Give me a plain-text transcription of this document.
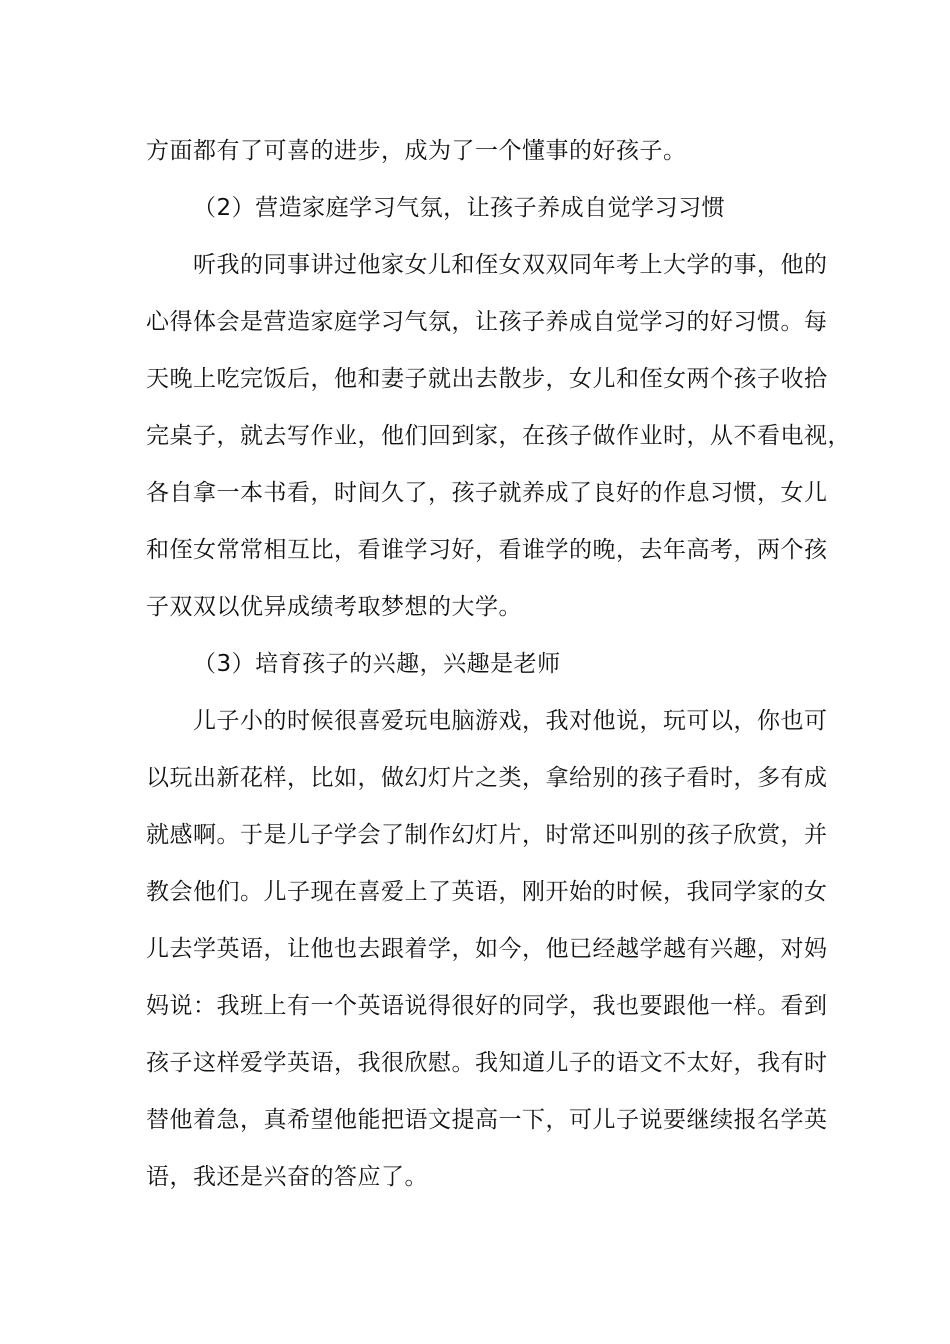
方面都有了可喜的进步，成为了一个懂事的好孩子。
（2）营造家庭学习气氛，让孩子养成自觉学习习惯
听我的同事讲过他家女儿和侄女双双同年考上大学的事，他的
心得体会是营造家庭学习气氛，让孩子养成自觉学习的好习惯。每
天晚上吃完饭后，他和妻子就出去散步，女儿和侄女两个孩子收拾
完桌子，就去写作业，他们回到家，在孩子做作业时，从不看电视，
各自拿一本书看，时间久了，孩子就养成了良好的作息习惯，女儿
和侄女常常相互比，看谁学习好，看谁学的晚，去年高考，两个孩
子双双以优异成绩考取梦想的大学。
（3）培育孩子的兴趣，兴趣是老师
儿子小的时候很喜爱玩电脑游戏，我对他说，玩可以，你也可
以玩出新花样，比如，做幻灯片之类，拿给别的孩子看时，多有成
就感啊。于是儿子学会了制作幻灯片，时常还叫别的孩子欣赏，并
教会他们。儿子现在喜爱上了英语，刚开始的时候，我同学家的女
儿去学英语，让他也去跟着学，如今，他已经越学越有兴趣，对妈
妈说：我班上有一个英语说得很好的同学，我也要跟他一样。看到
孩子这样爱学英语，我很欣慰。我知道儿子的语文不太好，我有时
替他着急，真希望他能把语文提高一下，可儿子说要继续报名学英
语，我还是兴奋的答应了。
